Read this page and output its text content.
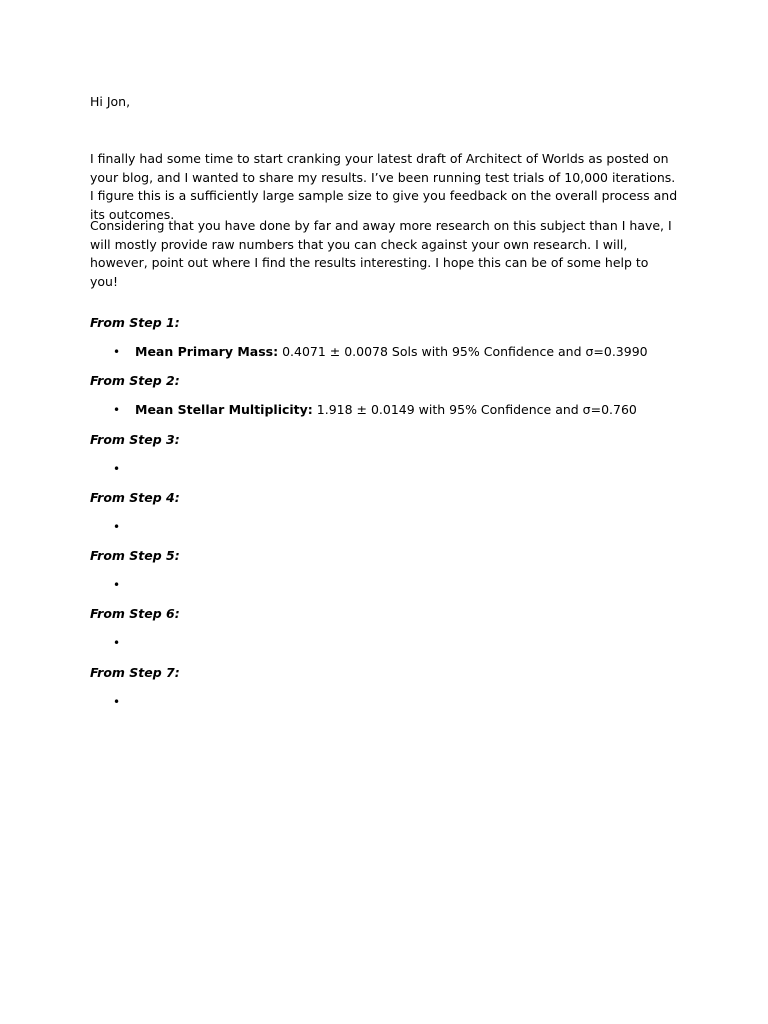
Hi Jon,

I finally had some time to start cranking your latest draft of Architect of Worlds as posted on your blog, and I wanted to share my results. I’ve been running test trials of 10,000 iterations. I figure this is a sufficiently large sample size to give you feedback on the overall process and its outcomes.

Considering that you have done by far and away more research on this subject than I have, I will mostly provide raw numbers that you can check against your own research. I will, however, point out where I find the results interesting. I hope this can be of some help to you!

From Step 1:

• Mean Primary Mass: 0.4071 ± 0.0078 Sols with 95% Confidence and σ=0.3990

From Step 2:

• Mean Stellar Multiplicity: 1.918 ± 0.0149 with 95% Confidence and σ=0.760

From Step 3:

•

From Step 4:

•

From Step 5:

•

From Step 6:

•

From Step 7:

•
